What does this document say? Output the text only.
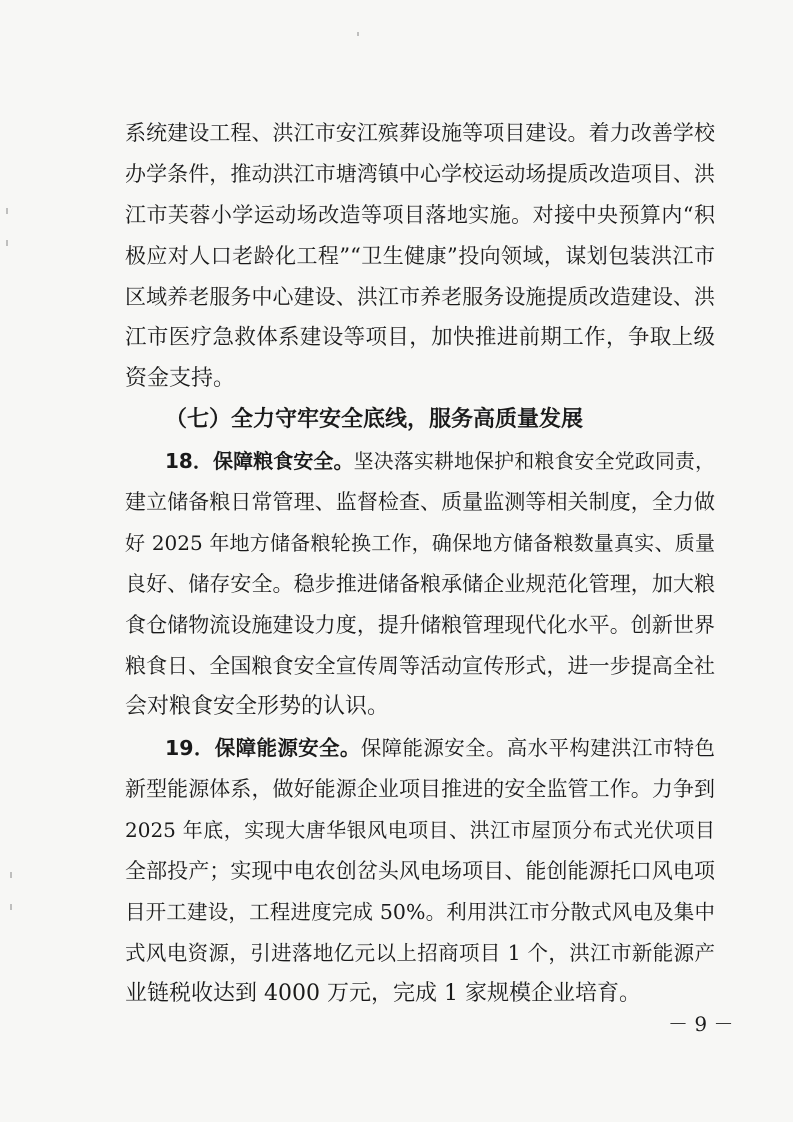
系统建设工程、洪江市安江殡葬设施等项目建设。着力改善学校
办学条件，推动洪江市塘湾镇中心学校运动场提质改造项目、洪
江市芙蓉小学运动场改造等项目落地实施。对接中央预算内“积
极应对人口老龄化工程”“卫生健康”投向领域，谋划包装洪江市
区域养老服务中心建设、洪江市养老服务设施提质改造建设、洪
江市医疗急救体系建设等项目，加快推进前期工作，争取上级
资金支持。
（七）全力守牢安全底线，服务高质量发展
18．保障粮食安全。坚决落实耕地保护和粮食安全党政同责，
建立储备粮日常管理、监督检查、质量监测等相关制度，全力做
好 2025 年地方储备粮轮换工作，确保地方储备粮数量真实、质量
良好、储存安全。稳步推进储备粮承储企业规范化管理，加大粮
食仓储物流设施建设力度，提升储粮管理现代化水平。创新世界
粮食日、全国粮食安全宣传周等活动宣传形式，进一步提高全社
会对粮食安全形势的认识。
19．保障能源安全。保障能源安全。高水平构建洪江市特色
新型能源体系，做好能源企业项目推进的安全监管工作。力争到
2025 年底，实现大唐华银风电项目、洪江市屋顶分布式光伏项目
全部投产；实现中电农创岔头风电场项目、能创能源托口风电项
目开工建设，工程进度完成 50%。利用洪江市分散式风电及集中
式风电资源，引进落地亿元以上招商项目 1 个，洪江市新能源产
业链税收达到 4000 万元，完成 1 家规模企业培育。
－ 9 －
